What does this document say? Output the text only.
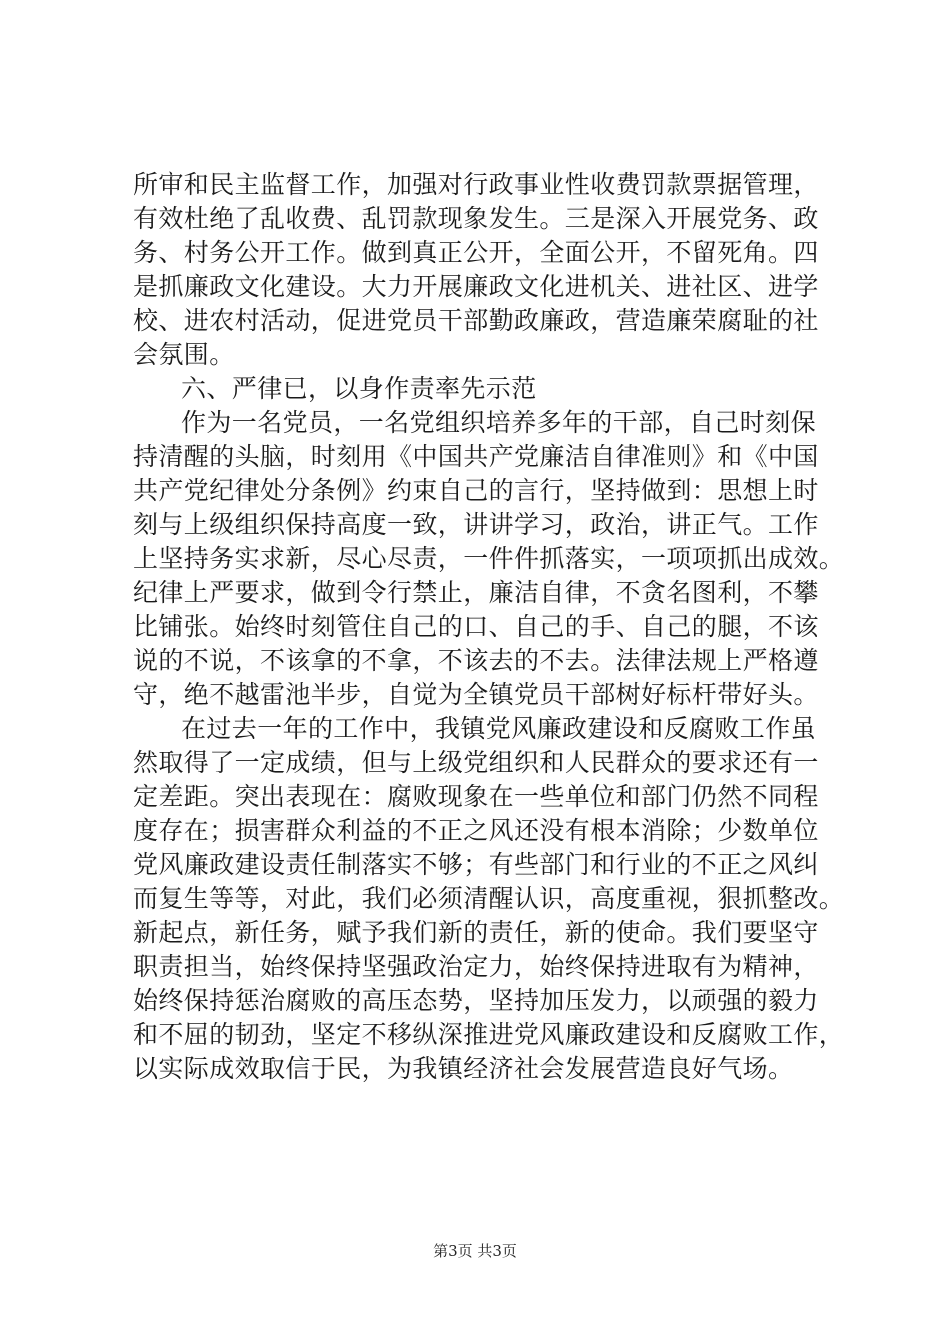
所审和民主监督工作，加强对行政事业性收费罚款票据管理，
有效杜绝了乱收费、乱罚款现象发生。三是深入开展党务、政
务、村务公开工作。做到真正公开，全面公开，不留死角。四
是抓廉政文化建设。大力开展廉政文化进机关、进社区、进学
校、进农村活动，促进党员干部勤政廉政，营造廉荣腐耻的社
会氛围。
六、严律已，以身作责率先示范
作为一名党员，一名党组织培养多年的干部，自己时刻保
持清醒的头脑，时刻用《中国共产党廉洁自律准则》和《中国
共产党纪律处分条例》约束自己的言行，坚持做到：思想上时
刻与上级组织保持高度一致，讲讲学习，政治，讲正气。工作
上坚持务实求新，尽心尽责，一件件抓落实，一项项抓出成效。
纪律上严要求，做到令行禁止，廉洁自律，不贪名图利，不攀
比铺张。始终时刻管住自己的口、自己的手、自己的腿，不该
说的不说，不该拿的不拿，不该去的不去。法律法规上严格遵
守，绝不越雷池半步，自觉为全镇党员干部树好标杆带好头。
在过去一年的工作中，我镇党风廉政建设和反腐败工作虽
然取得了一定成绩，但与上级党组织和人民群众的要求还有一
定差距。突出表现在：腐败现象在一些单位和部门仍然不同程
度存在；损害群众利益的不正之风还没有根本消除；少数单位
党风廉政建设责任制落实不够；有些部门和行业的不正之风纠
而复生等等，对此，我们必须清醒认识，高度重视，狠抓整改。
新起点，新任务，赋予我们新的责任，新的使命。我们要坚守
职责担当，始终保持坚强政治定力，始终保持进取有为精神，
始终保持惩治腐败的高压态势，坚持加压发力，以顽强的毅力
和不屈的韧劲，坚定不移纵深推进党风廉政建设和反腐败工作，
以实际成效取信于民，为我镇经济社会发展营造良好气场。
第3页 共3页
